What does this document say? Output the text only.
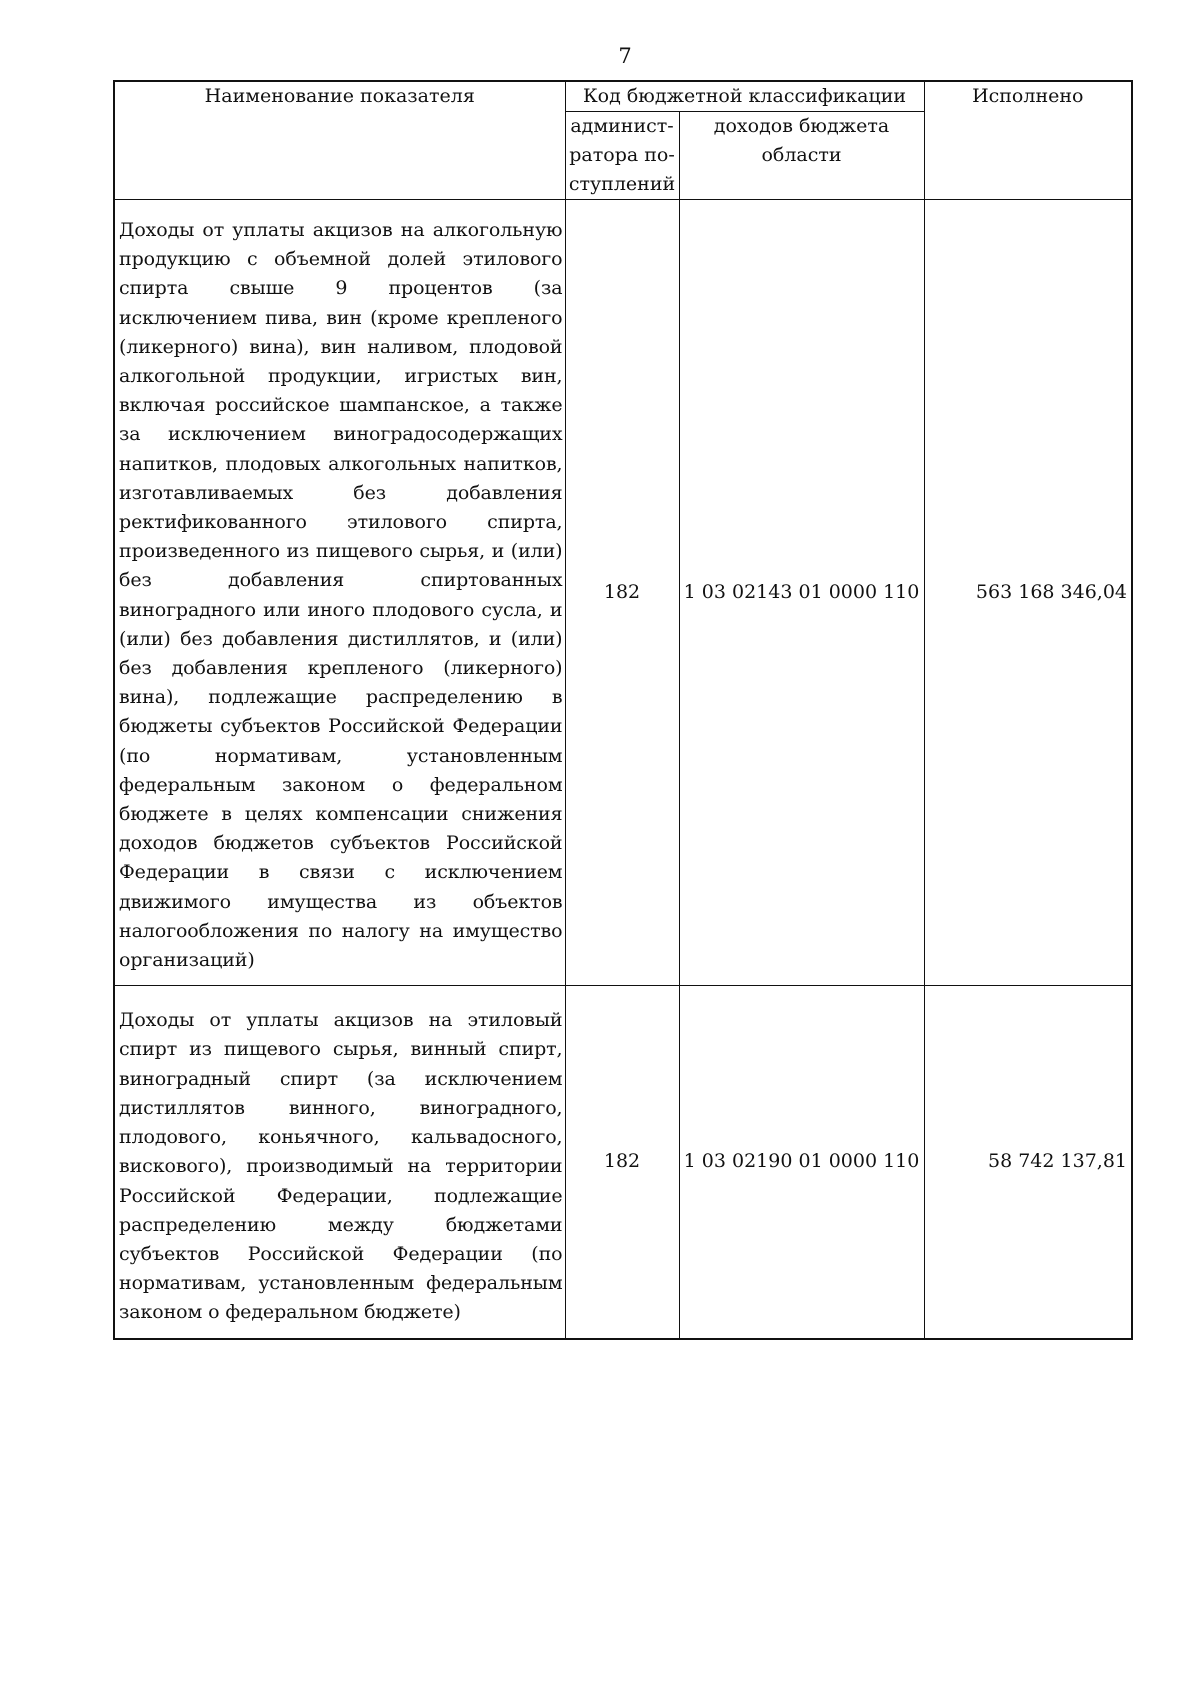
7
Наименование показателя	Код бюджетной классификации		Исполнено
	админист-
ратора по-
ступлений	доходов бюджета
области	
Доходы от уплаты акцизов на алкогольную продукцию с объемной долей этилового спирта свыше 9 процентов (за исключением пива, вин (кроме крепленого (ликерного) вина), вин наливом, плодовой алкогольной продукции, игристых вин, включая российское шампанское, а также за исключением виноградосодержащих напитков, плодовых алкогольных напитков, изготавливаемых без добавления ректификованного этилового спирта, произведенного из пищевого сырья, и (или) без добавления спиртованных виноградного или иного плодового сусла, и (или) без добавления дистиллятов, и (или) без добавления крепленого (ликерного) вина), подлежащие распределению в бюджеты субъектов Российской Федерации (по нормативам, установленным федеральным законом о федеральном бюджете в целях компенсации снижения доходов бюджетов субъектов Российской Федерации в связи с исключением движимого имущества из объектов налогообложения по налогу на имущество организаций)	182	1 03 02143 01 0000 110	563 168 346,04
Доходы от уплаты акцизов на этиловый спирт из пищевого сырья, винный спирт, виноградный спирт (за исключением дистиллятов винного, виноградного, плодового, коньячного, кальвадосного, вискового), производимый на территории Российской Федерации, подлежащие распределению между бюджетами субъектов Российской Федерации (по нормативам, установленным федеральным законом о федеральном бюджете)	182	1 03 02190 01 0000 110	58 742 137,81
